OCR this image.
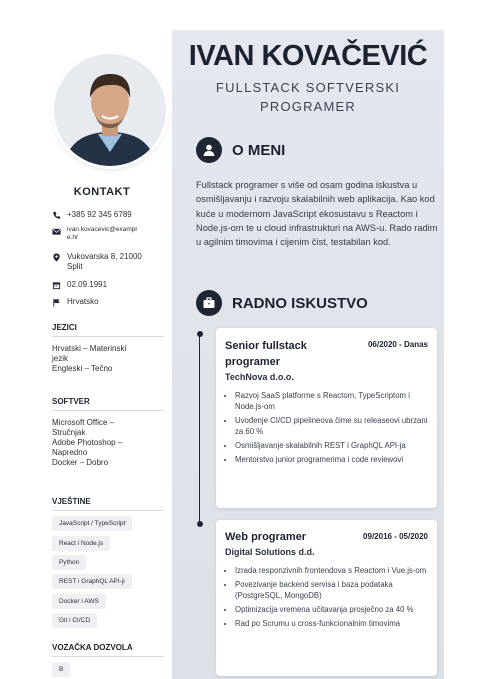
KONTAKT
+385 92 345 6789
ivan.kovacevic@exampl
e.hr
Vukovarska 8, 21000
Split
02.09.1991
Hrvatsko
JEZICI
Hrvatski – Materinski
jezik
Engleski – Tečno
SOFTVER
Microsoft Office –
Stručnjak
Adobe Photoshop –
Napredno
Docker – Dobro
VJEŠTINE
JavaScript / TypeScript
React i Node.js
Python
REST i GraphQL API-ji
Docker i AWS
Git i CI/CD
VOZAČKA DOZVOLA
B
IVAN KOVAČEVIĆ
FULLSTACK SOFTVERSKI
PROGRAMER
O MENI
Fullstack programer s više od osam godina iskustva u osmišljavanju i razvoju skalabilnih web aplikacija. Kao kod kuće u modernom JavaScript ekosustavu s Reactom i Node.js-om te u cloud infrastrukturi na AWS-u. Rado radim u agilnim timovima i cijenim čist, testabilan kod.
RADNO ISKUSTVO
Senior fullstack
programer
06/2020 - Danas
TechNova d.o.o.
• Razvoj SaaS platforme s Reactom, TypeScriptom i Node.js-om
• Uvođenje CI/CD pipelineova čime su releaseovi ubrzani za 60 %
• Osmišljavanje skalabilnih REST i GraphQL API-ja
• Mentorstvo junior programerima i code reviewovi
Web programer	09/2016 - 05/2020
Digital Solutions d.d.
• Izrada responzivnih frontendova s Reactom i Vue.js-om
• Povezivanje backend servisa i baza podataka (PostgreSQL, MongoDB)
• Optimizacija vremena učitavanja prosječno za 40 %
• Rad po Scrumu u cross-funkcionalnim timovima
